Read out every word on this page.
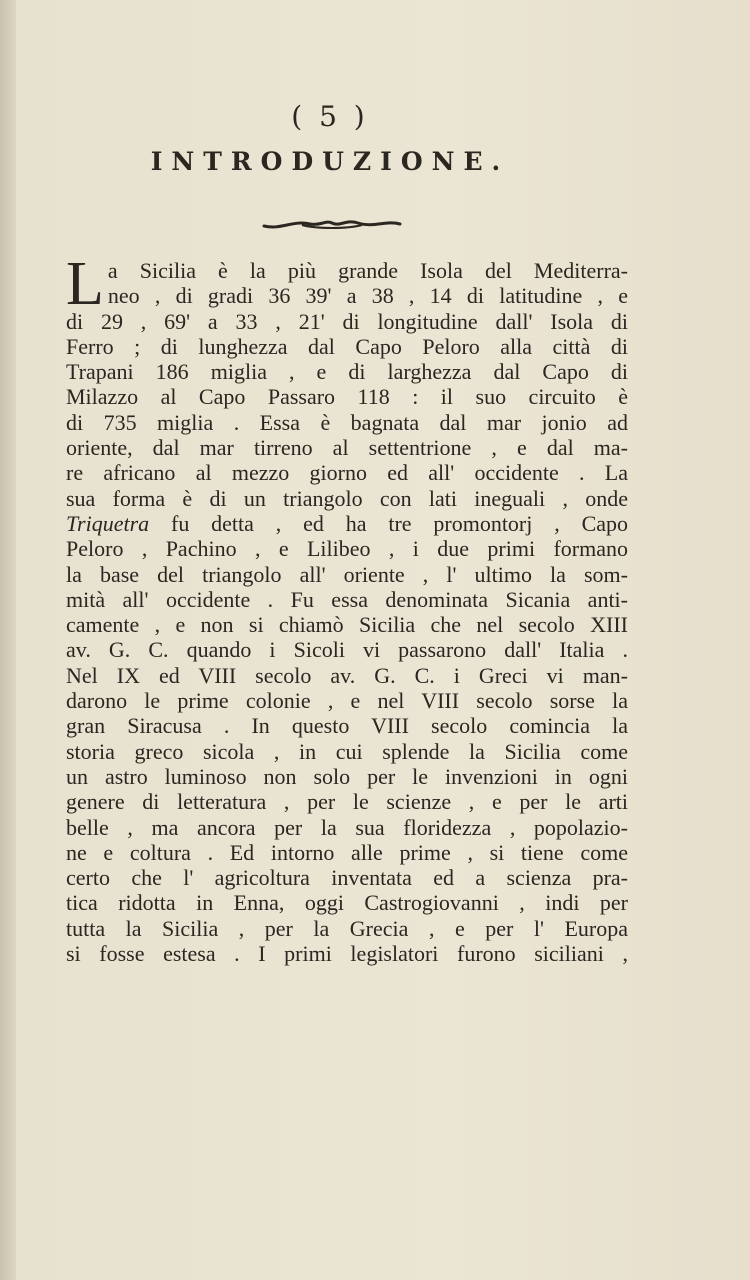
( 5 )
INTRODUZIONE.
L a Sicilia è la più grande Isola del Mediterra-
neo , di gradi 36 39' a 38 , 14 di latitudine , e
di 29 , 69' a 33 , 21' di longitudine dall' Isola di
Ferro ; di lunghezza dal Capo Peloro alla città di
Trapani 186 miglia , e di larghezza dal Capo di
Milazzo al Capo Passaro 118 : il suo circuito è
di 735 miglia . Essa è bagnata dal mar jonio ad
oriente, dal mar tirreno al settentrione , e dal ma-
re africano al mezzo giorno ed all' occidente . La
sua forma è di un triangolo con lati ineguali , onde
Triquetra fu detta , ed ha tre promontorj , Capo
Peloro , Pachino , e Lilibeo , i due primi formano
la base del triangolo all' oriente , l' ultimo la som-
mità all' occidente . Fu essa denominata Sicania anti-
camente , e non si chiamò Sicilia che nel secolo XIII
av. G. C. quando i Sicoli vi passarono dall' Italia .
Nel IX ed VIII secolo av. G. C. i Greci vi man-
darono le prime colonie , e nel VIII secolo sorse la
gran Siracusa . In questo VIII secolo comincia la
storia greco sicola , in cui splende la Sicilia come
un astro luminoso non solo per le invenzioni in ogni
genere di letteratura , per le scienze , e per le arti
belle , ma ancora per la sua floridezza , popolazio-
ne e coltura . Ed intorno alle prime , si tiene come
certo che l' agricoltura inventata ed a scienza pra-
tica ridotta in Enna, oggi Castrogiovanni , indi per
tutta la Sicilia , per la Grecia , e per l' Europa
si fosse estesa . I primi legislatori furono siciliani ,
